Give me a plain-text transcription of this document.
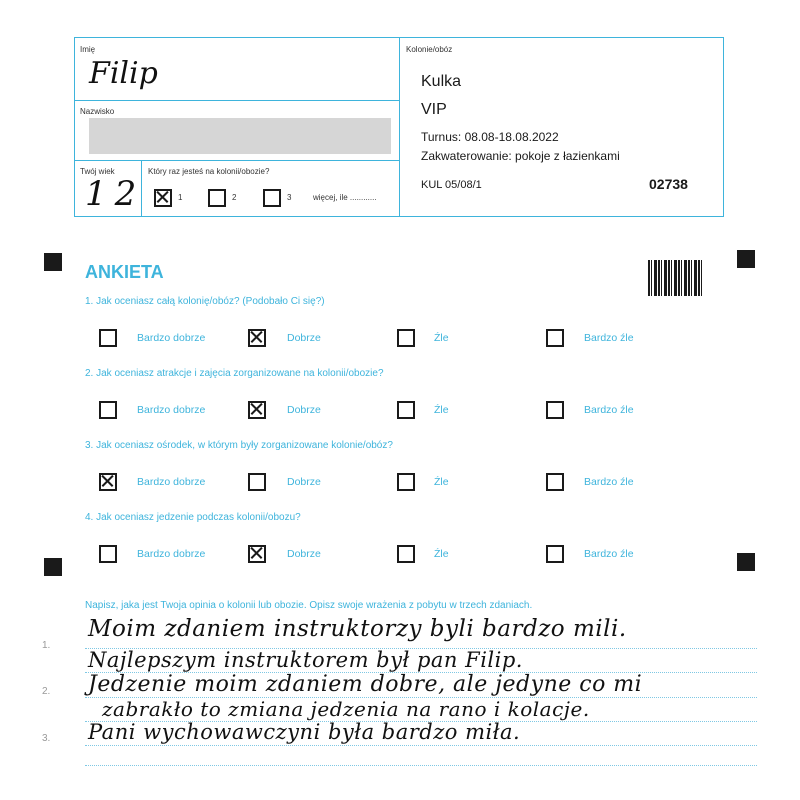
Imię
Filip
Nazwisko
Twój wiek
12
Który raz jesteś na kolonii/obozie?
1	2	3	więcej, ile ............
Kolonie/obóz
Kulka
VIP
Turnus: 08.08-18.08.2022
Zakwaterowanie: pokoje z łazienkami
KUL 05/08/1	02738
ANKIETA
1. Jak oceniasz całą kolonię/obóz? (Podobało Ci się?)
Bardzo dobrze	Dobrze	Źle	Bardzo źle
2. Jak oceniasz atrakcje i zajęcia zorganizowane na kolonii/obozie?
Bardzo dobrze	Dobrze	Źle	Bardzo źle
3. Jak oceniasz ośrodek, w którym były zorganizowane kolonie/obóz?
Bardzo dobrze	Dobrze	Źle	Bardzo źle
4. Jak oceniasz jedzenie podczas kolonii/obozu?
Bardzo dobrze	Dobrze	Źle	Bardzo źle
Napisz, jaka jest Twoja opinia o kolonii lub obozie. Opisz swoje wrażenia z pobytu w trzech zdaniach.
1.
2.
3.
Moim zdaniem instruktorzy byli bardzo mili.
Najlepszym instruktorem był pan Filip.
Jedzenie moim zdaniem dobre, ale jedyne co mi
zabrakło to zmiana jedzenia na rano i kolacje.
Pani wychowawczyni była bardzo miła.
